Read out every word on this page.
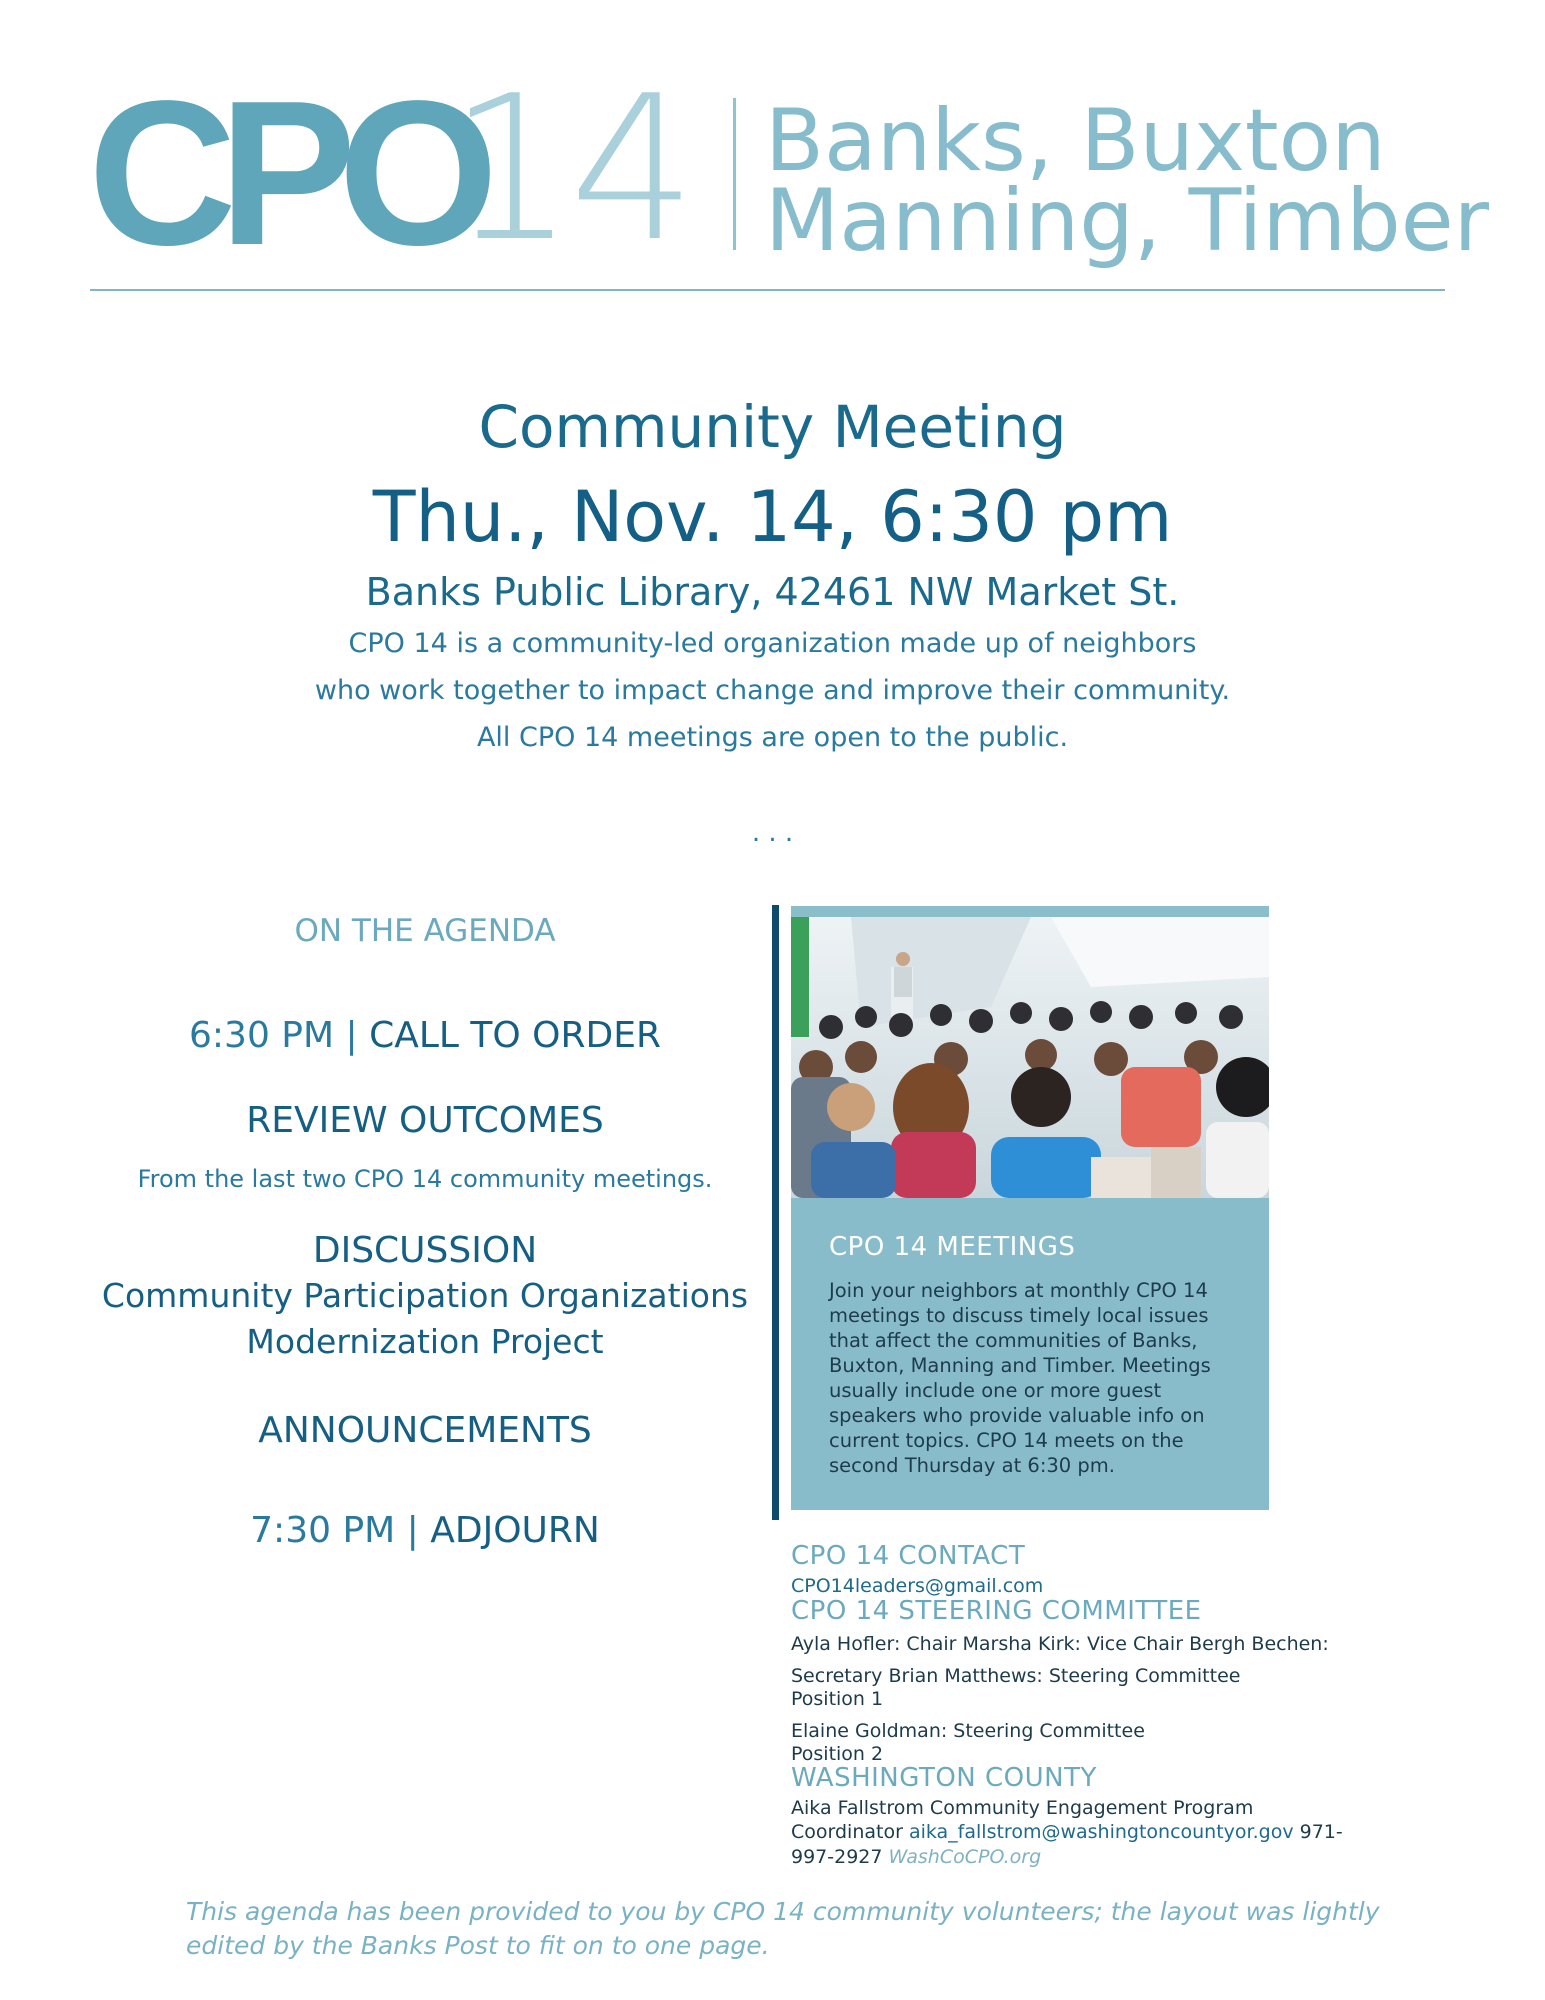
CPO
14 Banks, Buxton
Manning, Timber
Community Meeting
Thu., Nov. 14, 6:30 pm
Banks Public Library, 42461 NW Market St.
CPO 14 is a community-led organization made up of neighbors
who work together to impact change and improve their community.
All CPO 14 meetings are open to the public.
. . .
ON THE AGENDA
6:30 PM | CALL TO ORDER
REVIEW OUTCOMES
From the last two CPO 14 community meetings.
DISCUSSION
Community Participation Organizations
Modernization Project
ANNOUNCEMENTS
7:30 PM | ADJOURN
CPO 14 MEETINGS
Join your neighbors at monthly CPO 14 meetings to discuss timely local issues that affect the communities of Banks, Buxton, Manning and Timber. Meetings usually include one or more guest speakers who provide valuable info on current topics. CPO 14 meets on the second Thursday at 6:30 pm.
CPO 14 CONTACT
CPO14leaders@gmail.com
CPO 14 STEERING COMMITTEE
Ayla Hofler: Chair Marsha Kirk: Vice Chair Bergh Bechen:
Secretary Brian Matthews: Steering Committee
Position 1
Elaine Goldman: Steering Committee
Position 2
WASHINGTON COUNTY
Aika Fallstrom Community Engagement Program
Coordinator aika_fallstrom@washingtoncountyor.gov 971-
997-2927 WashCoCPO.org
This agenda has been provided to you by CPO 14 community volunteers; the layout was lightly edited by the Banks Post to fit on to one page.
